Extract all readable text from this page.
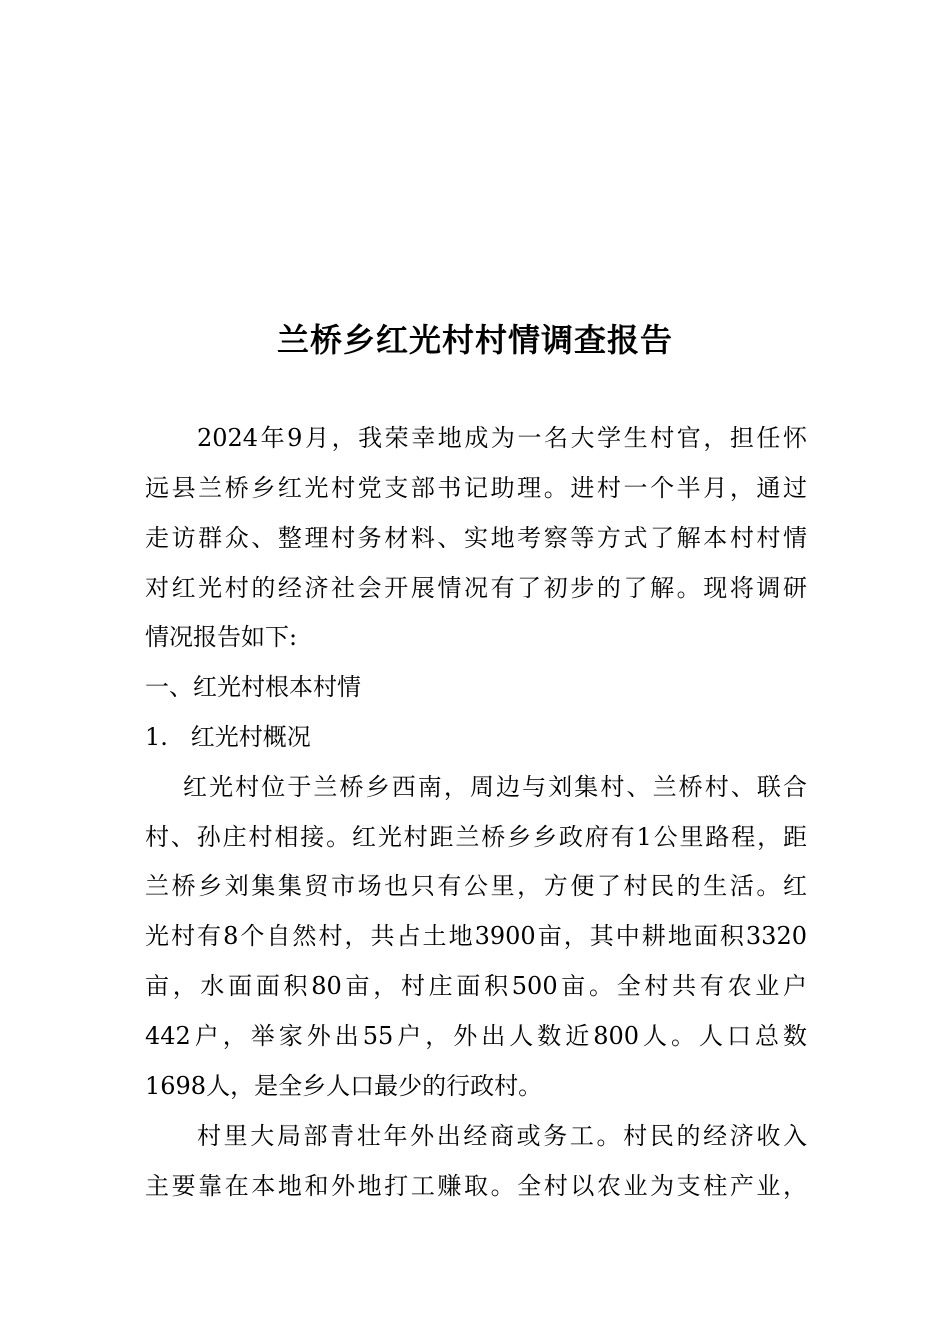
兰桥乡红光村村情调查报告
2024年9月，我荣幸地成为一名大学生村官，担任怀
远县兰桥乡红光村党支部书记助理。进村一个半月，通过
走访群众、整理村务材料、实地考察等方式了解本村村情
对红光村的经济社会开展情况有了初步的了解。现将调研
情况报告如下:
一、红光村根本村情
1.   红光村概况
红光村位于兰桥乡西南，周边与刘集村、兰桥村、联合
村、孙庄村相接。红光村距兰桥乡乡政府有1公里路程，距
兰桥乡刘集集贸市场也只有公里，方便了村民的生活。红
光村有8个自然村，共占土地3900亩，其中耕地面积3320
亩，水面面积80亩，村庄面积500亩。全村共有农业户
442户，举家外出55户，外出人数近800人。人口总数
1698人，是全乡人口最少的行政村。
村里大局部青壮年外出经商或务工。村民的经济收入
主要靠在本地和外地打工赚取。全村以农业为支柱产业，
